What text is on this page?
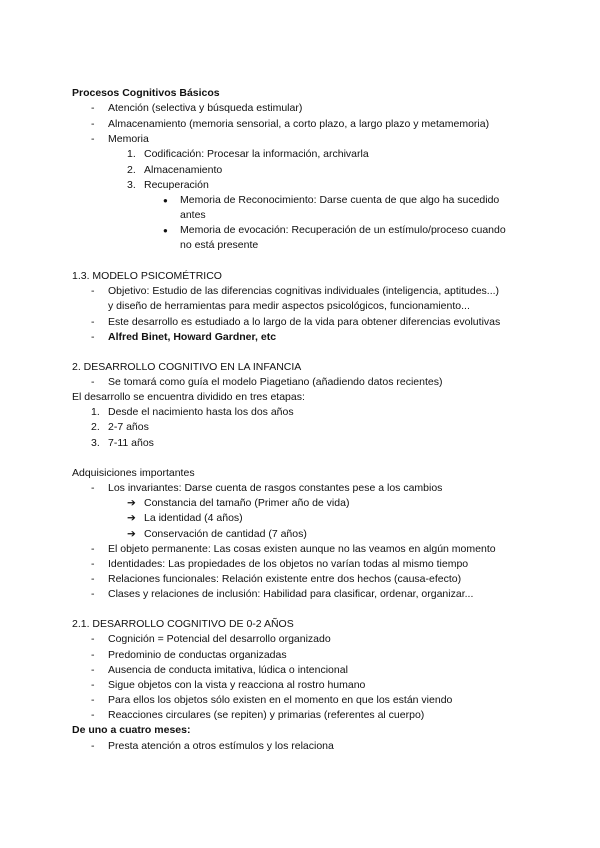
Procesos Cognitivos Básicos
- Atención (selectiva y búsqueda estimular)
- Almacenamiento (memoria sensorial, a corto plazo, a largo plazo y metamemoria)
- Memoria
1. Codificación: Procesar la información, archivarla
2. Almacenamiento
3. Recuperación
● Memoria de Reconocimiento: Darse cuenta de que algo ha sucedido
antes
● Memoria de evocación: Recuperación de un estímulo/proceso cuando
no está presente
1.3. MODELO PSICOMÉTRICO
- Objetivo: Estudio de las diferencias cognitivas individuales (inteligencia, aptitudes...)
y diseño de herramientas para medir aspectos psicológicos, funcionamiento...
- Este desarrollo es estudiado a lo largo de la vida para obtener diferencias evolutivas
- Alfred Binet, Howard Gardner, etc
2. DESARROLLO COGNITIVO EN LA INFANCIA
- Se tomará como guía el modelo Piagetiano (añadiendo datos recientes)
El desarrollo se encuentra dividido en tres etapas:
1. Desde el nacimiento hasta los dos años
2. 2-7 años
3. 7-11 años
Adquisiciones importantes
- Los invariantes: Darse cuenta de rasgos constantes pese a los cambios
➔ Constancia del tamaño (Primer año de vida)
➔ La identidad (4 años)
➔ Conservación de cantidad (7 años)
- El objeto permanente: Las cosas existen aunque no las veamos en algún momento
- Identidades: Las propiedades de los objetos no varían todas al mismo tiempo
- Relaciones funcionales: Relación existente entre dos hechos (causa-efecto)
- Clases y relaciones de inclusión: Habilidad para clasificar, ordenar, organizar...
2.1. DESARROLLO COGNITIVO DE 0-2 AÑOS
- Cognición = Potencial del desarrollo organizado
- Predominio de conductas organizadas
- Ausencia de conducta imitativa, lúdica o intencional
- Sigue objetos con la vista y reacciona al rostro humano
- Para ellos los objetos sólo existen en el momento en que los están viendo
- Reacciones circulares (se repiten) y primarias (referentes al cuerpo)
De uno a cuatro meses:
- Presta atención a otros estímulos y los relaciona
